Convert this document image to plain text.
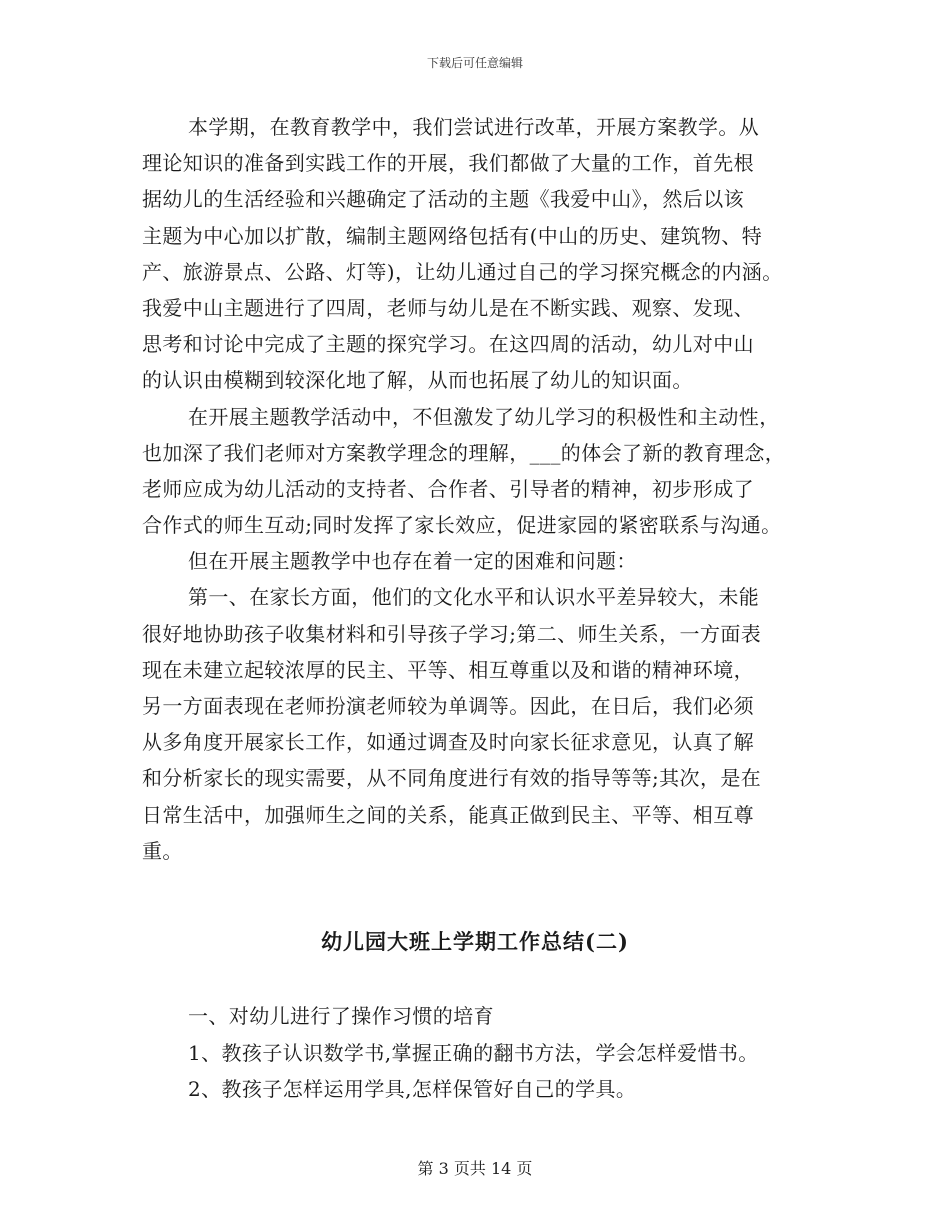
下载后可任意编辑
本学期，在教育教学中，我们尝试进行改革，开展方案教学。从
理论知识的准备到实践工作的开展，我们都做了大量的工作，首先根
据幼儿的生活经验和兴趣确定了活动的主题《我爱中山》，然后以该
主题为中心加以扩散，编制主题网络包括有(中山的历史、建筑物、特
产、旅游景点、公路、灯等)，让幼儿通过自己的学习探究概念的内涵。
我爱中山主题进行了四周，老师与幼儿是在不断实践、观察、发现、
思考和讨论中完成了主题的探究学习。在这四周的活动，幼儿对中山
的认识由模糊到较深化地了解，从而也拓展了幼儿的知识面。
在开展主题教学活动中，不但激发了幼儿学习的积极性和主动性，
也加深了我们老师对方案教学理念的理解，___的体会了新的教育理念，
老师应成为幼儿活动的支持者、合作者、引导者的精神，初步形成了
合作式的师生互动;同时发挥了家长效应，促进家园的紧密联系与沟通。
但在开展主题教学中也存在着一定的困难和问题：
第一、在家长方面，他们的文化水平和认识水平差异较大，未能
很好地协助孩子收集材料和引导孩子学习;第二、师生关系，一方面表
现在未建立起较浓厚的民主、平等、相互尊重以及和谐的精神环境，
另一方面表现在老师扮演老师较为单调等。因此，在日后，我们必须
从多角度开展家长工作，如通过调查及时向家长征求意见，认真了解
和分析家长的现实需要，从不同角度进行有效的指导等等;其次，是在
日常生活中，加强师生之间的关系，能真正做到民主、平等、相互尊
重。
幼儿园大班上学期工作总结(二)
一、对幼儿进行了操作习惯的培育
1、教孩子认识数学书,掌握正确的翻书方法，学会怎样爱惜书。
2、教孩子怎样运用学具,怎样保管好自己的学具。
第 3 页共 14 页
